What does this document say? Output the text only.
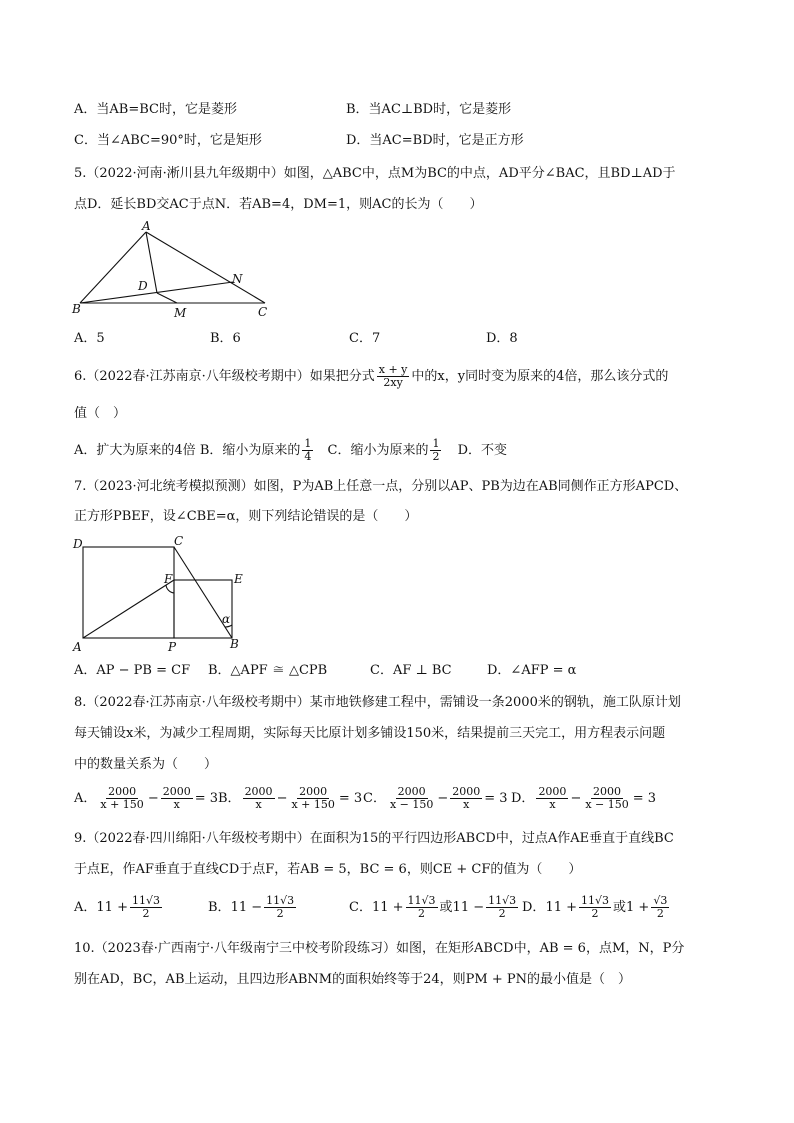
A．当AB=BC时，它是菱形	B．当AC⊥BD时，它是菱形
C．当∠ABC=90°时，它是矩形	D．当AC=BD时，它是正方形
5.（2022·河南·淅川县九年级期中）如图，△ABC中，点M为BC的中点，AD平分∠BAC，且BD⊥AD于
点D．延长BD交AC于点N．若AB=4，DM=1，则AC的长为（　　）
A
B	C
D
M
N
A．5	B．6	C．7	D．8
6.（2022春·江苏南京·八年级校考期中）如果把分式 $\frac{x + y}{2xy}$ 中的x，y同时变为原来的4倍，那么该分式的
值（　）
A．扩大为原来的4倍 B．缩小为原来的 $\frac{1}{4}$ C．缩小为原来的 $\frac{1}{2}$ D．不变
7.（2023·河北统考模拟预测）如图，P为AB上任意一点，分别以AP、PB为边在AB同侧作正方形APCD、
正方形PBEF，设∠CBE=α，则下列结论错误的是（　　）
D	C
F	E
α
A	P	B
A．AP − PB = CF B．△APF ≅ △CPB	C．AF ⊥ BC	D．∠AFP = α
8.（2022春·江苏南京·八年级校考期中）某市地铁修建工程中，需铺设一条2000米的钢轨，施工队原计划
每天铺设x米，为减少工程周期，实际每天比原计划多铺设150米，结果提前三天完工，用方程表示问题
中的数量关系为（　　）
A． $\frac{2000}{x + 150} - \frac{2000}{x} = 3$ B． $\frac{2000}{x} - \frac{2000}{x + 150} = 3$ C． $\frac{2000}{x - 150} - \frac{2000}{x} = 3$ D． $\frac{2000}{x} - \frac{2000}{x - 150} = 3$
9.（2022春·四川绵阳·八年级校考期中）在面积为15的平行四边形ABCD中，过点A作AE垂直于直线BC
于点E，作AF垂直于直线CD于点F，若AB = 5，BC = 6，则CE + CF的值为（　　）
A．$11 + \frac{11√3}{2}$	B．$11 - \frac{11√3}{2}$	C．$11 + \frac{11√3}{2}$ 或$11 - \frac{11√3}{2}$ D．$11 + \frac{11√3}{2}$ 或$1 + \frac{√3}{2}$
10.（2023春·广西南宁·八年级南宁三中校考阶段练习）如图，在矩形ABCD中，AB = 6，点M，N，P分
别在AD，BC，AB上运动，且四边形ABNM的面积始终等于24，则PM + PN的最小值是（　）
